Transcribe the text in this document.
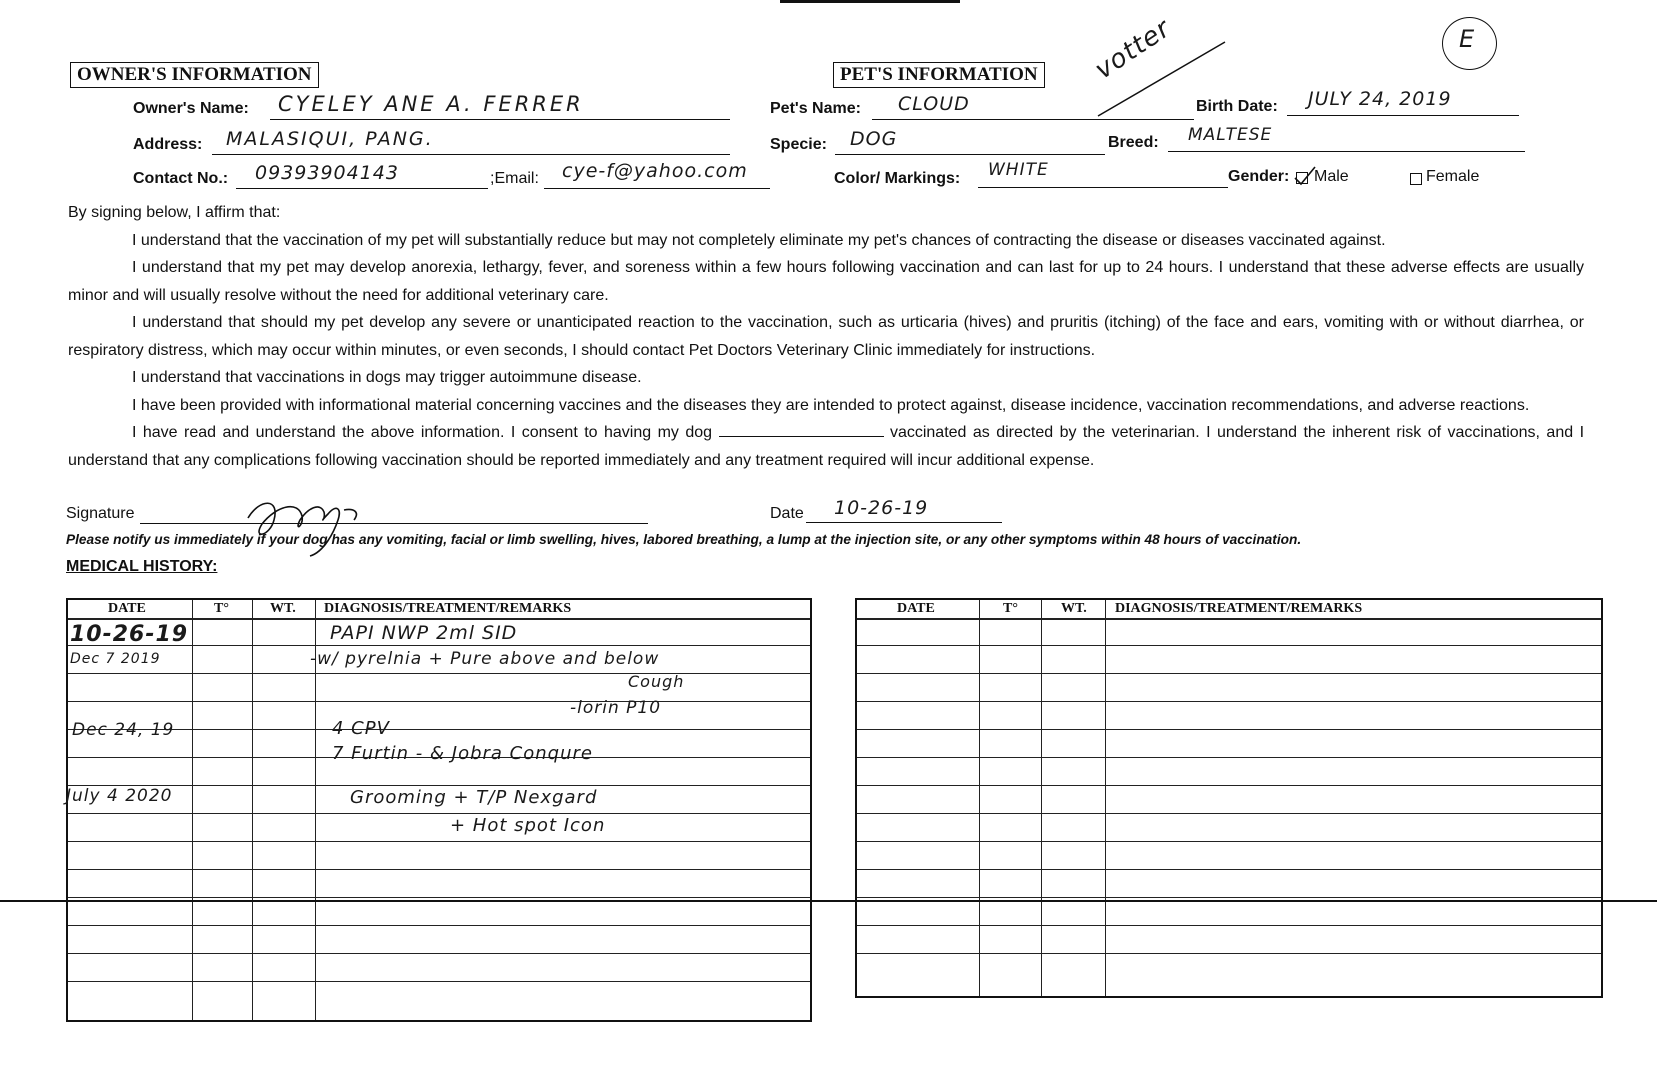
OWNER'S INFORMATION
Owner's Name: CYELEY ANE A. FERRER
Address: MALASIQUI, PANG.
Contact No.: 09393904143	;Email: cye-f@yahoo.com
PET'S INFORMATION votter	E
Pet's Name: CLOUD	Birth Date: JULY 24, 2019
Specie: DOG	Breed: MALTESE
Color/ Markings: WHITE	Gender: Male	Female

By signing below, I affirm that:

I understand that the vaccination of my pet will substantially reduce but may not completely eliminate my pet's chances of contracting the disease or diseases vaccinated against.

I understand that my pet may develop anorexia, lethargy, fever, and soreness within a few hours following vaccination and can last for up to 24 hours. I understand that these adverse effects are usually minor and will usually resolve without the need for additional veterinary care.

I understand that should my pet develop any severe or unanticipated reaction to the vaccination, such as urticaria (hives) and pruritis (itching) of the face and ears, vomiting with or without diarrhea, or respiratory distress, which may occur within minutes, or even seconds, I should contact Pet Doctors Veterinary Clinic immediately for instructions.

I understand that vaccinations in dogs may trigger autoimmune disease.

I have been provided with informational material concerning vaccines and the diseases they are intended to protect against, disease incidence, vaccination recommendations, and adverse reactions.

I have read and understand the above information. I consent to having my dog	vaccinated as directed by the veterinarian. I understand the inherent risk of vaccinations, and I understand that any complications following vaccination should be reported immediately and any treatment required will incur additional expense.

Signature	Date 10-26-19
Please notify us immediately if your dog has any vomiting, facial or limb swelling, hives, labored breathing, a lump at the injection site, or any other symptoms within 48 hours of vaccination.
MEDICAL HISTORY:
DATE	T°	WT. DIAGNOSIS/TREATMENT/REMARKS
10-26-19	PAPI NWP 2ml SID
Dec 7 2019	-w/ pyrelnia + Pure above and below
Cough
-lorin P10
Dec 24, 19	4 CPV
7 Furtin - & Jobra Conqure
July 4 2020	Grooming + T/P Nexgard
+ Hot spot Icon
DATE	T°	WT. DIAGNOSIS/TREATMENT/REMARKS
